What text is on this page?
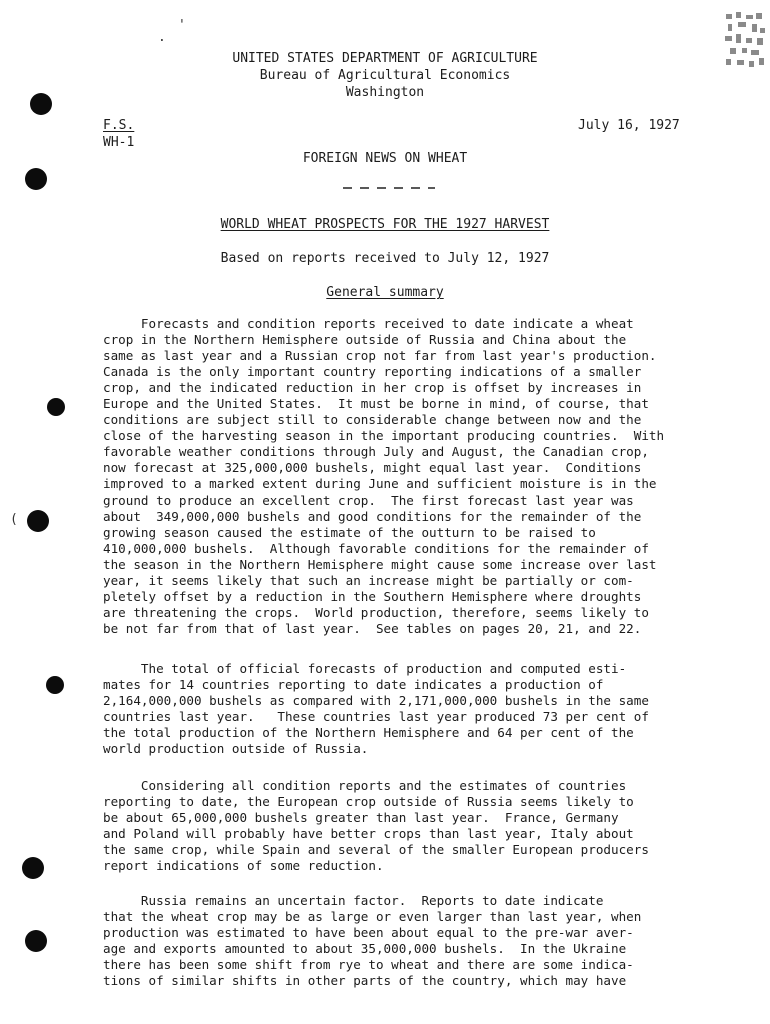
'
.
(
UNITED STATES DEPARTMENT OF AGRICULTURE
Bureau of Agricultural Economics
Washington
F.S.
WH-1
July 16, 1927
FOREIGN NEWS ON WHEAT
WORLD WHEAT PROSPECTS FOR THE 1927 HARVEST
Based on reports received to July 12, 1927
General summary
Forecasts and condition reports received to date indicate a wheat
crop in the Northern Hemisphere outside of Russia and China about the
same as last year and a Russian crop not far from last year's production.
Canada is the only important country reporting indications of a smaller
crop, and the indicated reduction in her crop is offset by increases in
Europe and the United States.  It must be borne in mind, of course, that
conditions are subject still to considerable change between now and the
close of the harvesting season in the important producing countries.  With
favorable weather conditions through July and August, the Canadian crop,
now forecast at 325,000,000 bushels, might equal last year.  Conditions
improved to a marked extent during June and sufficient moisture is in the
ground to produce an excellent crop.  The first forecast last year was
about  349,000,000 bushels and good conditions for the remainder of the
growing season caused the estimate of the outturn to be raised to
410,000,000 bushels.  Although favorable conditions for the remainder of
the season in the Northern Hemisphere might cause some increase over last
year, it seems likely that such an increase might be partially or com-
pletely offset by a reduction in the Southern Hemisphere where droughts
are threatening the crops.  World production, therefore, seems likely to
be not far from that of last year.  See tables on pages 20, 21, and 22.
The total of official forecasts of production and computed esti-
mates for 14 countries reporting to date indicates a production of
2,164,000,000 bushels as compared with 2,171,000,000 bushels in the same
countries last year.   These countries last year produced 73 per cent of
the total production of the Northern Hemisphere and 64 per cent of the
world production outside of Russia.
Considering all condition reports and the estimates of countries
reporting to date, the European crop outside of Russia seems likely to
be about 65,000,000 bushels greater than last year.  France, Germany
and Poland will probably have better crops than last year, Italy about
the same crop, while Spain and several of the smaller European producers
report indications of some reduction.
Russia remains an uncertain factor.  Reports to date indicate
that the wheat crop may be as large or even larger than last year, when
production was estimated to have been about equal to the pre-war aver-
age and exports amounted to about 35,000,000 bushels.  In the Ukraine
there has been some shift from rye to wheat and there are some indica-
tions of similar shifts in other parts of the country, which may have
